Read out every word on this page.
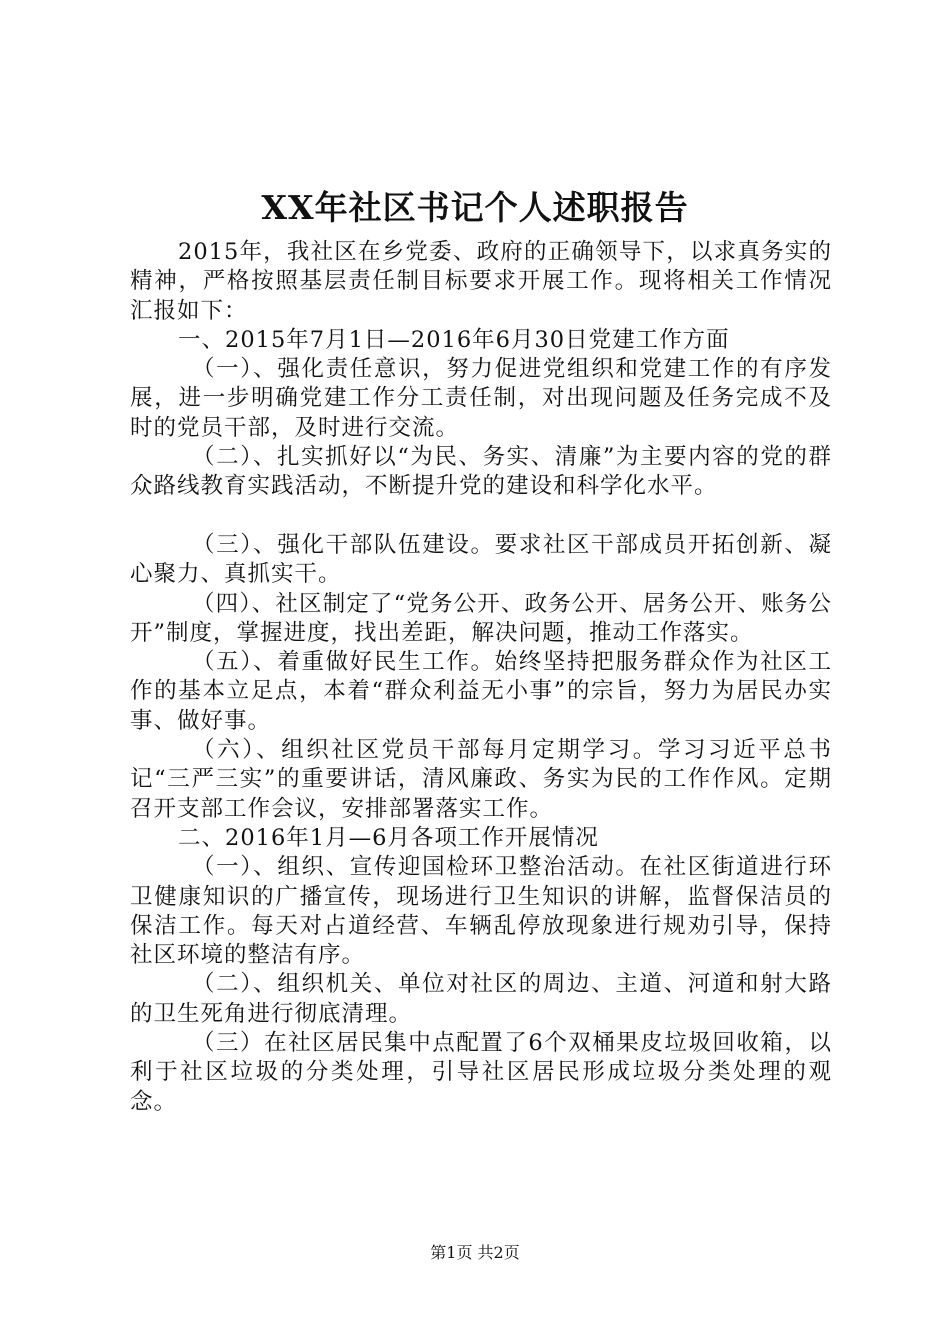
XX年社区书记个人述职报告

2015年，我社区在乡党委、政府的正确领导下，以求真务实的精神，严格按照基层责任制目标要求开展工作。现将相关工作情况汇报如下：

一、2015年7月1日—2016年6月30日党建工作方面

（一）、强化责任意识，努力促进党组织和党建工作的有序发展，进一步明确党建工作分工责任制，对出现问题及任务完成不及时的党员干部，及时进行交流。

（二）、扎实抓好以“为民、务实、清廉”为主要内容的党的群众路线教育实践活动，不断提升党的建设和科学化水平。

（三）、强化干部队伍建设。要求社区干部成员开拓创新、凝心聚力、真抓实干。

（四）、社区制定了“党务公开、政务公开、居务公开、账务公开”制度，掌握进度，找出差距，解决问题，推动工作落实。

（五）、着重做好民生工作。始终坚持把服务群众作为社区工作的基本立足点，本着“群众利益无小事”的宗旨，努力为居民办实事、做好事。

（六）、组织社区党员干部每月定期学习。学习习近平总书记“三严三实”的重要讲话，清风廉政、务实为民的工作作风。定期召开支部工作会议，安排部署落实工作。

二、2016年1月—6月各项工作开展情况

（一）、组织、宣传迎国检环卫整治活动。在社区街道进行环卫健康知识的广播宣传，现场进行卫生知识的讲解，监督保洁员的保洁工作。每天对占道经营、车辆乱停放现象进行规劝引导，保持社区环境的整洁有序。

（二）、组织机关、单位对社区的周边、主道、河道和射大路的卫生死角进行彻底清理。

（三）在社区居民集中点配置了6个双桶果皮垃圾回收箱，以利于社区垃圾的分类处理，引导社区居民形成垃圾分类处理的观念。

第1页 共2页
